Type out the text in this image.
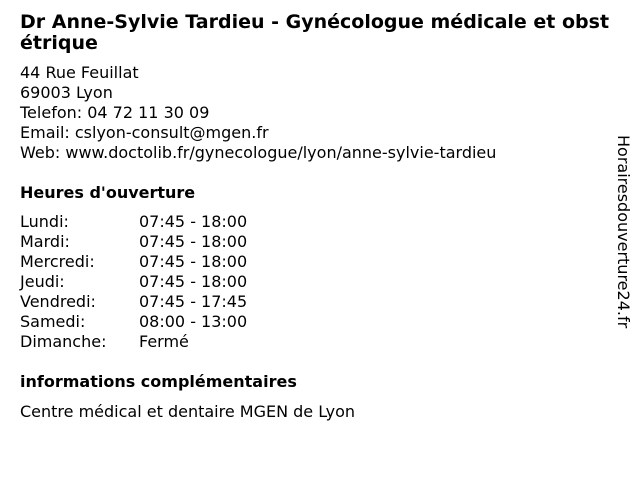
Dr Anne-Sylvie Tardieu - Gynécologue médicale et obstétrique
44 Rue Feuillat
69003 Lyon
Telefon: 04 72 11 30 09
Email: cslyon-consult@mgen.fr
Web: www.doctolib.fr/gynecologue/lyon/anne-sylvie-tardieu
Heures d'ouverture
Lundi:	07:45 - 18:00
Mardi:	07:45 - 18:00
Mercredi:	07:45 - 18:00
Jeudi:	07:45 - 18:00
Vendredi:	07:45 - 17:45
Samedi:	08:00 - 13:00
Dimanche:	Fermé
informations complémentaires
Centre médical et dentaire MGEN de Lyon
Horairesdouverture24.fr
